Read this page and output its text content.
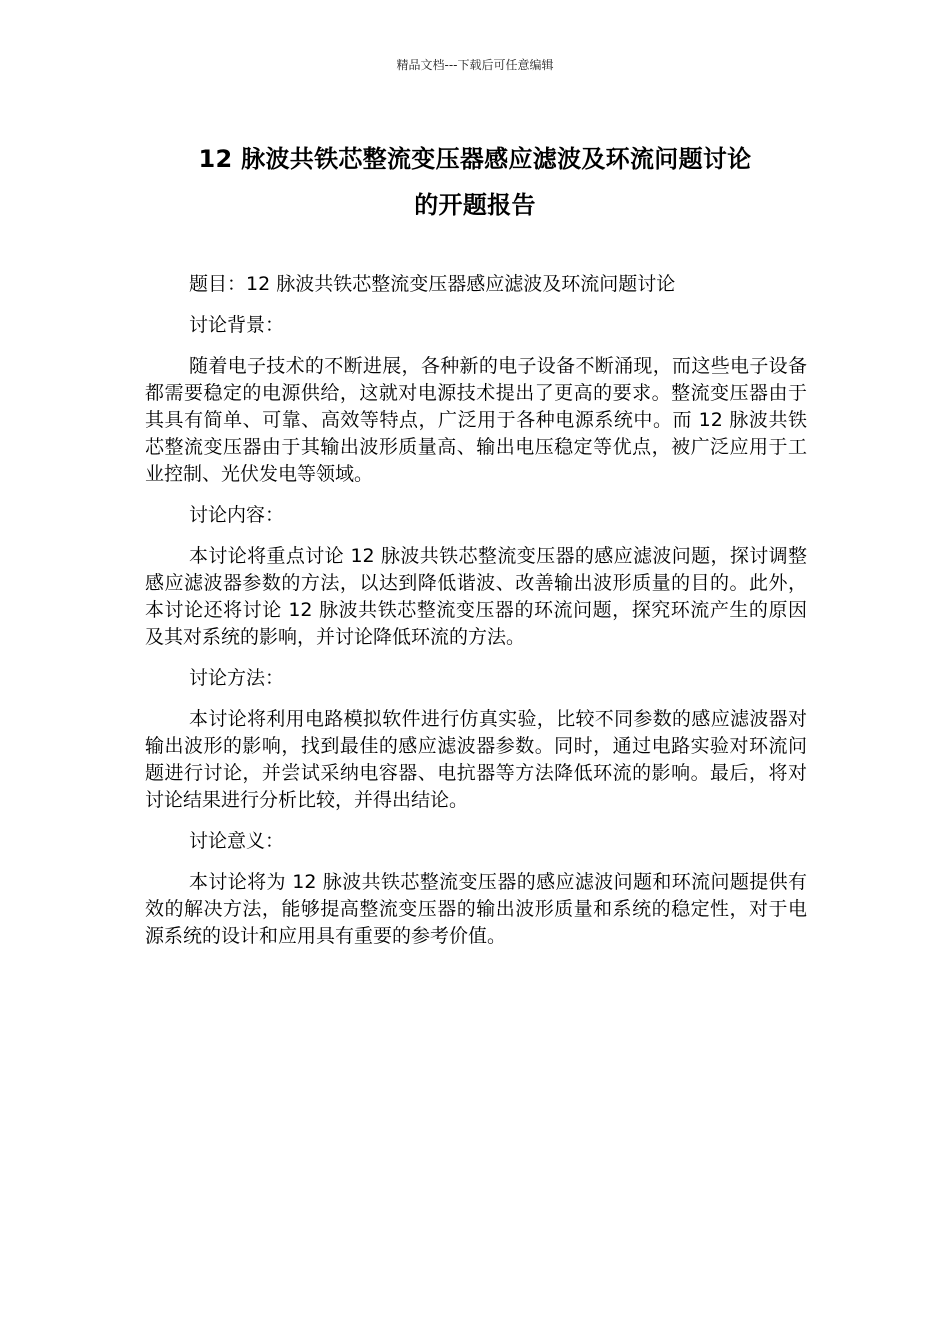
精品文档---下载后可任意编辑
12 脉波共铁芯整流变压器感应滤波及环流问题讨论
的开题报告

题目：12 脉波共铁芯整流变压器感应滤波及环流问题讨论

讨论背景：

随着电子技术的不断进展，各种新的电子设备不断涌现，而这些电子设备都需要稳定的电源供给，这就对电源技术提出了更高的要求。整流变压器由于其具有简单、可靠、高效等特点，广泛用于各种电源系统中。而 12 脉波共铁芯整流变压器由于其输出波形质量高、输出电压稳定等优点，被广泛应用于工业控制、光伏发电等领域。

讨论内容：

本讨论将重点讨论 12 脉波共铁芯整流变压器的感应滤波问题，探讨调整感应滤波器参数的方法，以达到降低谐波、改善输出波形质量的目的。此外，本讨论还将讨论 12 脉波共铁芯整流变压器的环流问题，探究环流产生的原因及其对系统的影响，并讨论降低环流的方法。

讨论方法：

本讨论将利用电路模拟软件进行仿真实验，比较不同参数的感应滤波器对输出波形的影响，找到最佳的感应滤波器参数。同时，通过电路实验对环流问题进行讨论，并尝试采纳电容器、电抗器等方法降低环流的影响。最后，将对讨论结果进行分析比较，并得出结论。

讨论意义：

本讨论将为 12 脉波共铁芯整流变压器的感应滤波问题和环流问题提供有效的解决方法，能够提高整流变压器的输出波形质量和系统的稳定性，对于电源系统的设计和应用具有重要的参考价值。
